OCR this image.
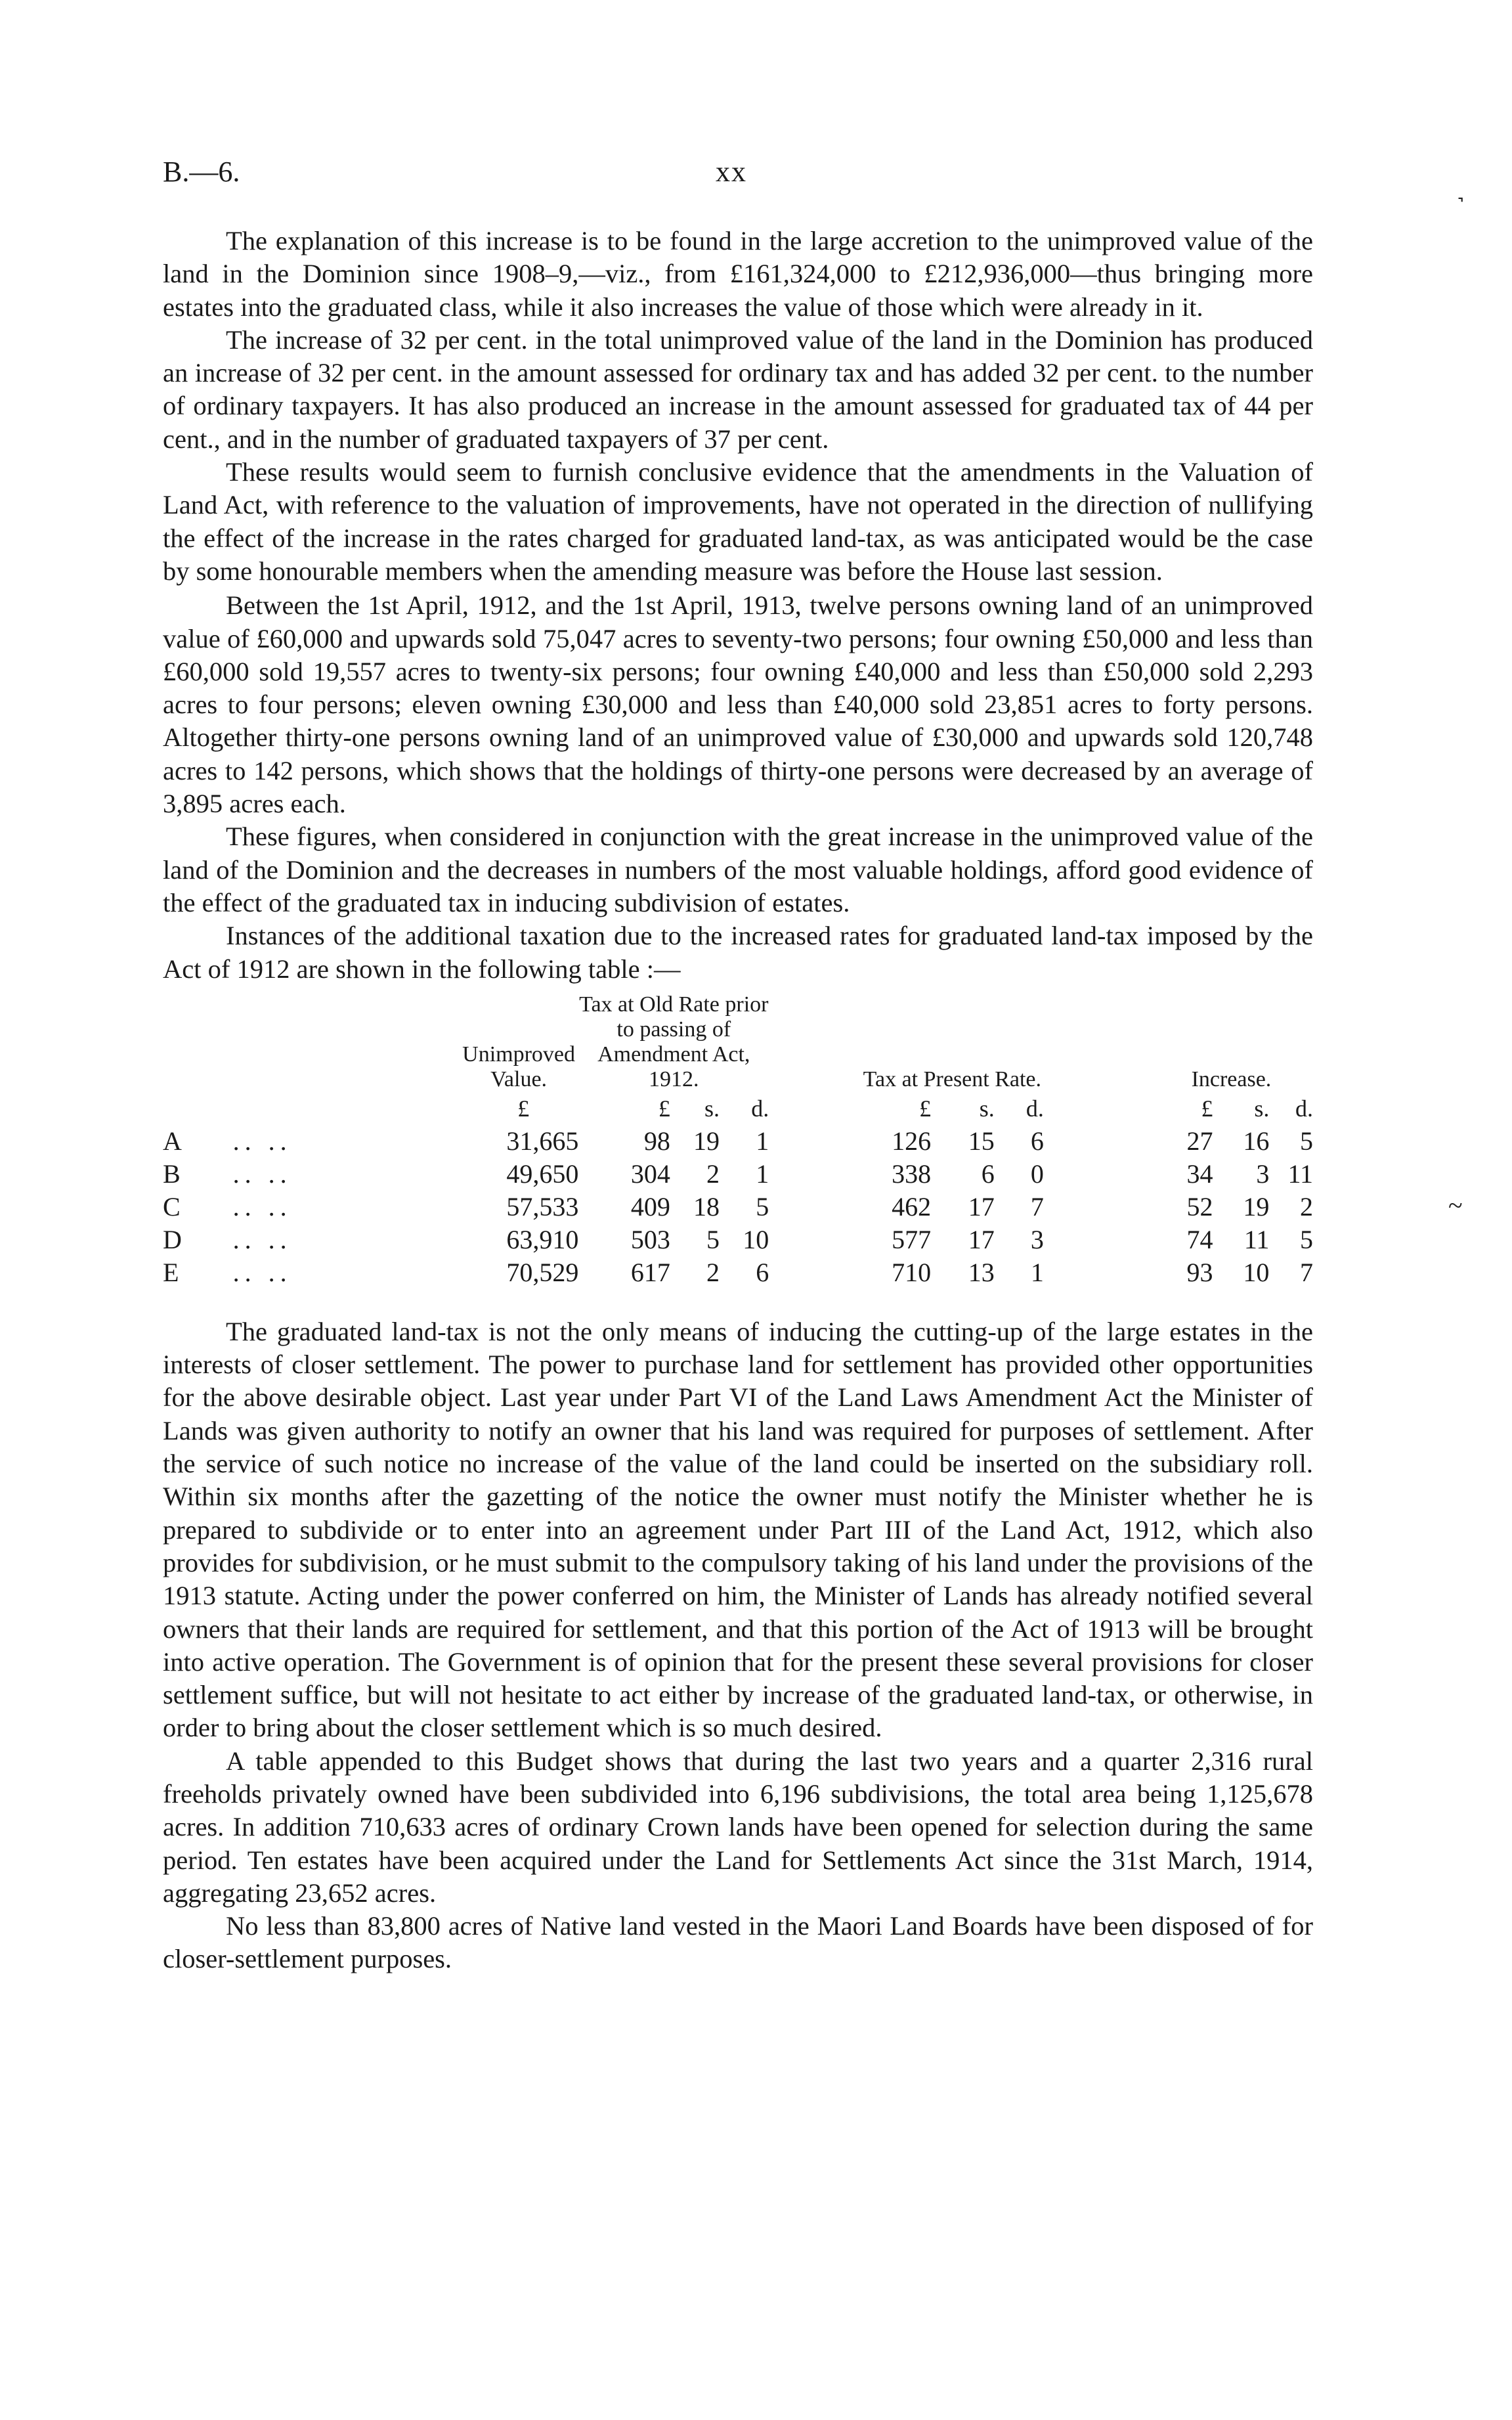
B.—6.	xx
˺
~

The explanation of this increase is to be found in the large accretion to the unimproved value of the land in the Dominion since 1908–9,—viz., from £161,324,000 to £212,936,000—thus bringing more estates into the graduated class, while it also increases the value of those which were already in it.

The increase of 32 per cent. in the total unimproved value of the land in the Dominion has produced an increase of 32 per cent. in the amount assessed for ordinary tax and has added 32 per cent. to the number of ordinary taxpayers. It has also produced an increase in the amount assessed for graduated tax of 44 per cent., and in the number of graduated taxpayers of 37 per cent.

These results would seem to furnish conclusive evidence that the amendments in the Valuation of Land Act, with reference to the valuation of improvements, have not operated in the direction of nullifying the effect of the increase in the rates charged for graduated land-tax, as was anticipated would be the case by some honourable members when the amending measure was before the House last session.

Between the 1st April, 1912, and the 1st April, 1913, twelve persons owning land of an unimproved value of £60,000 and upwards sold 75,047 acres to seventy-two persons; four owning £50,000 and less than £60,000 sold 19,557 acres to twenty-six persons; four owning £40,000 and less than £50,000 sold 2,293 acres to four persons; eleven owning £30,000 and less than £40,000 sold 23,851 acres to forty persons. Altogether thirty-one persons owning land of an unimproved value of £30,000 and upwards sold 120,748 acres to 142 persons, which shows that the holdings of thirty-one persons were decreased by an average of 3,895 acres each.

These figures, when considered in conjunction with the great increase in the unimproved value of the land of the Dominion and the decreases in numbers of the most valuable holdings, afford good evidence of the effect of the graduated tax in inducing subdivision of estates.

Instances of the additional taxation due to the increased rates for graduated land-tax imposed by the Act of 1912 are shown in the following table :—

		Unimproved Value.		Tax at Old Rate prior to passing of Amendment Act, 1912.				Tax at Present Rate.				Increase.		
		£		£	s.	d.		£	s.	d.		£	s.	d.
A	.. ..	31,665		98	19	1		126	15	6		27	16	5
B	.. ..	49,650		304	2	1		338	6	0		34	3	11
C	.. ..	57,533		409	18	5		462	17	7		52	19	2
D	.. ..	63,910		503	5	10		577	17	3		74	11	5
E	.. ..	70,529		617	2	6		710	13	1		93	10	7

The graduated land-tax is not the only means of inducing the cutting-up of the large estates in the interests of closer settlement. The power to purchase land for settlement has provided other opportunities for the above desirable object. Last year under Part VI of the Land Laws Amendment Act the Minister of Lands was given authority to notify an owner that his land was required for purposes of settlement. After the service of such notice no increase of the value of the land could be inserted on the subsidiary roll. Within six months after the gazetting of the notice the owner must notify the Minister whether he is prepared to subdivide or to enter into an agreement under Part III of the Land Act, 1912, which also provides for subdivision, or he must submit to the compulsory taking of his land under the provisions of the 1913 statute. Acting under the power conferred on him, the Minister of Lands has already notified several owners that their lands are required for settlement, and that this portion of the Act of 1913 will be brought into active operation. The Government is of opinion that for the present these several provisions for closer settlement suffice, but will not hesitate to act either by increase of the graduated land-tax, or otherwise, in order to bring about the closer settlement which is so much desired.

A table appended to this Budget shows that during the last two years and a quarter 2,316 rural freeholds privately owned have been subdivided into 6,196 subdivisions, the total area being 1,125,678 acres. In addition 710,633 acres of ordinary Crown lands have been opened for selection during the same period. Ten estates have been acquired under the Land for Settlements Act since the 31st March, 1914, aggregating 23,652 acres.

No less than 83,800 acres of Native land vested in the Maori Land Boards have been disposed of for closer-settlement purposes.
